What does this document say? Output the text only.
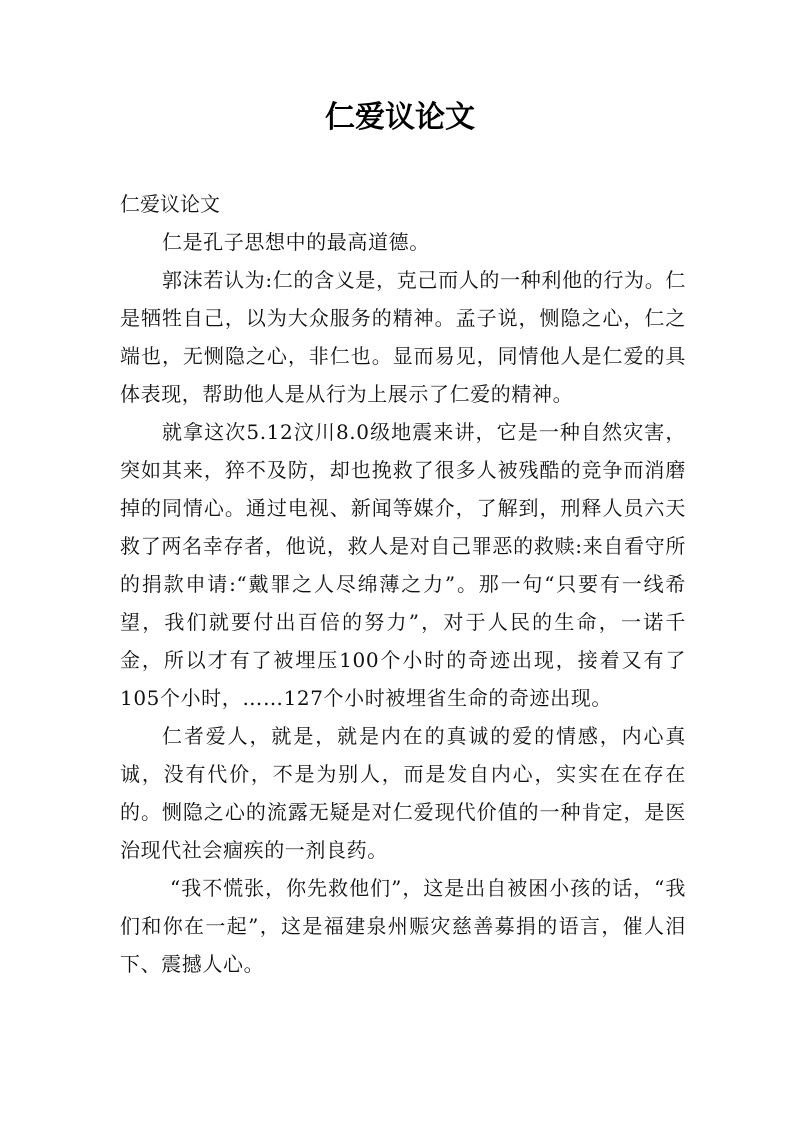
仁爱议论文

仁爱议论文

仁是孔子思想中的最高道德。

郭沫若认为:仁的含义是，克己而人的一种利他的行为。仁是牺牲自己，以为大众服务的精神。孟子说，恻隐之心，仁之端也，无恻隐之心，非仁也。显而易见，同情他人是仁爱的具体表现，帮助他人是从行为上展示了仁爱的精神。

就拿这次5.12汶川8.0级地震来讲，它是一种自然灾害，突如其来，猝不及防，却也挽救了很多人被残酷的竞争而消磨掉的同情心。通过电视、新闻等媒介，了解到，刑释人员六天救了两名幸存者，他说，救人是对自己罪恶的救赎:来自看守所的捐款申请:“戴罪之人尽绵薄之力”。那一句“只要有一线希望，我们就要付出百倍的努力”，对于人民的生命，一诺千金，所以才有了被埋压100个小时的奇迹出现，接着又有了105个小时，……127个小时被埋省生命的奇迹出现。

仁者爱人，就是，就是内在的真诚的爱的情感，内心真诚，没有代价，不是为别人，而是发自内心，实实在在存在的。恻隐之心的流露无疑是对仁爱现代价值的一种肯定，是医治现代社会痼疾的一剂良药。

“我不慌张，你先救他们”，这是出自被困小孩的话，“我们和你在一起”，这是福建泉州赈灾慈善募捐的语言，催人泪下、震撼人心。
